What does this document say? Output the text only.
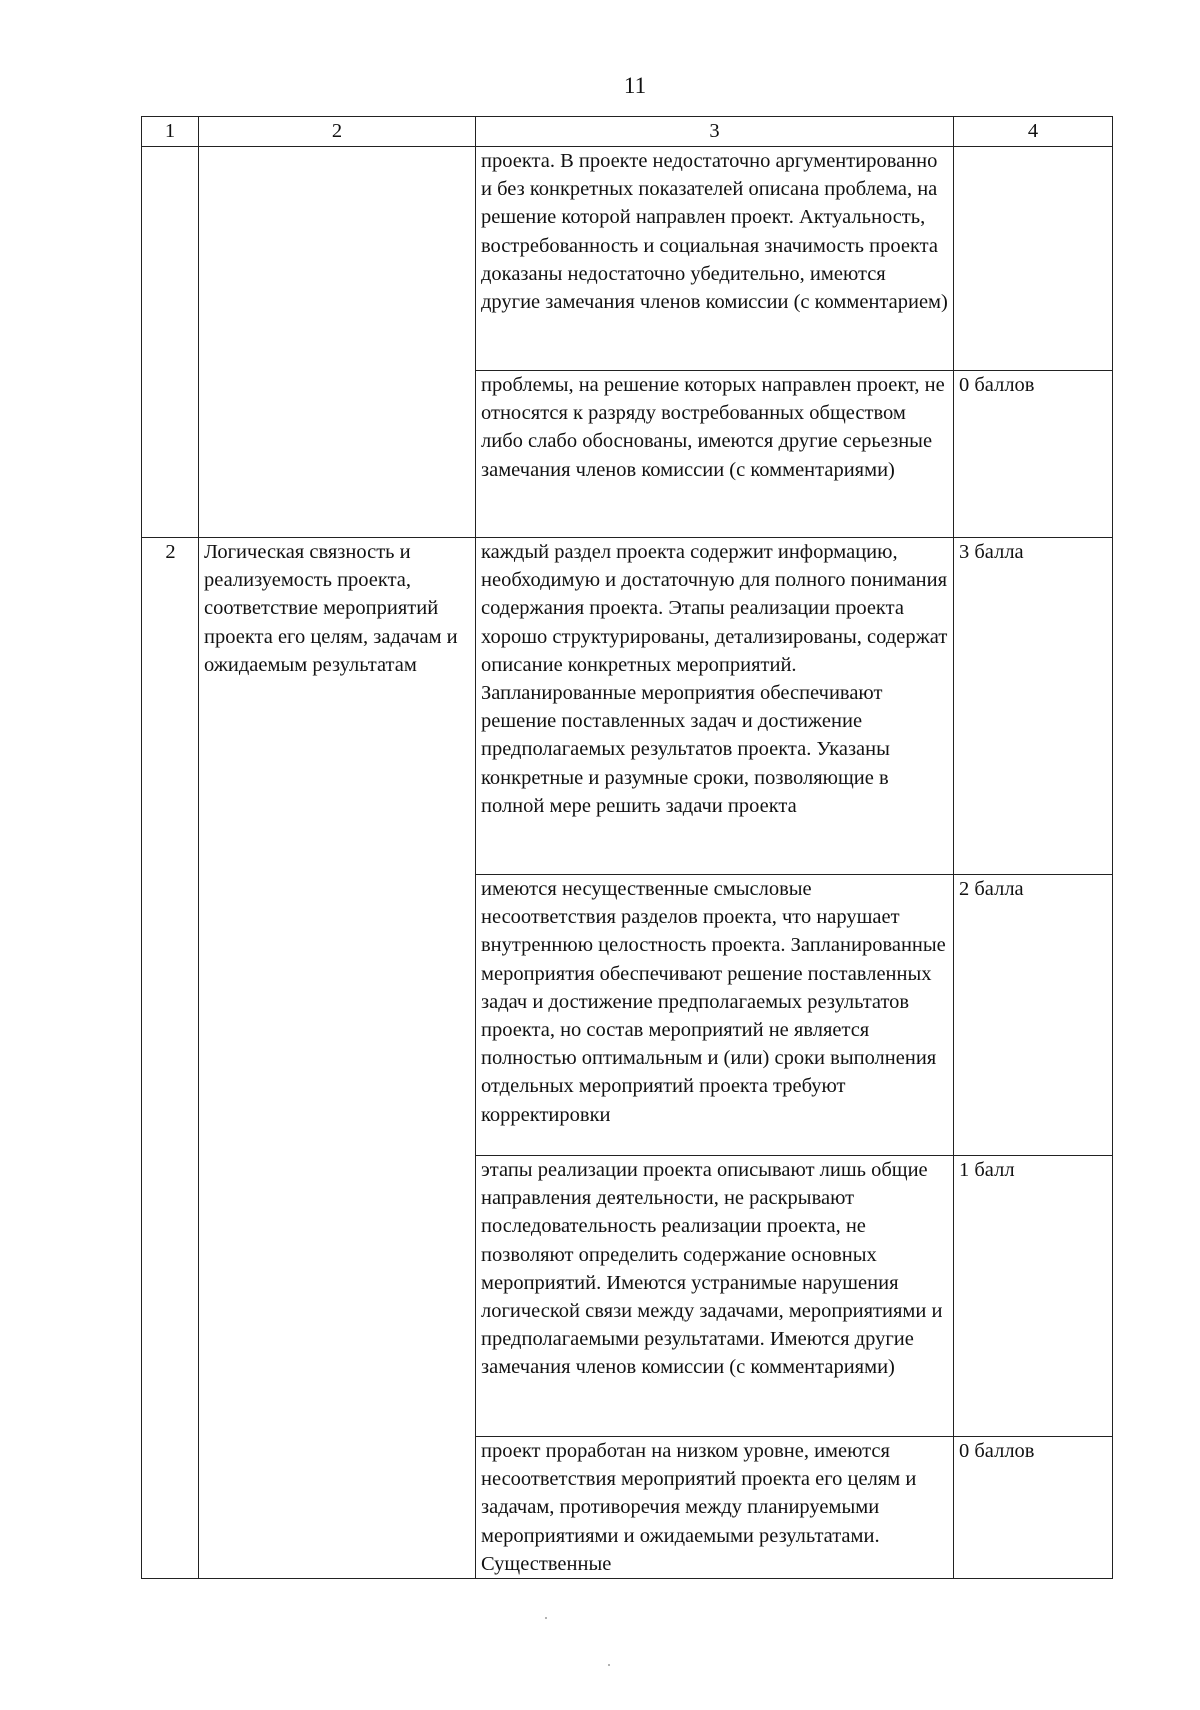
11
1	2	3	4
		проекта. В проекте недостаточно аргументированно и без конкретных показателей описана проблема, на решение которой направлен проект. Актуальность, востребованность и социальная значимость проекта доказаны недостаточно убедительно, имеются другие замечания членов комиссии (с комментарием)	
		проблемы, на решение которых направлен проект, не относятся к разряду востребованных обществом либо слабо обоснованы, имеются другие серьезные замечания членов комиссии (с комментариями)	0 баллов
2	Логическая связность и реализуемость проекта, соответствие мероприятий проекта его целям, задачам и ожидаемым результатам	каждый раздел проекта содержит информацию, необходимую и достаточную для полного понимания содержания проекта. Этапы реализации проекта хорошо структурированы, детализированы, содержат описание конкретных мероприятий. Запланированные мероприятия обеспечивают решение поставленных задач и достижение предполагаемых результатов проекта. Указаны конкретные и разумные сроки, позволяющие в полной мере решить задачи проекта	3 балла
		имеются несущественные смысловые несоответствия разделов проекта, что нарушает внутреннюю целостность проекта. Запланированные мероприятия обеспечивают решение поставленных задач и достижение предполагаемых результатов проекта, но состав мероприятий не является полностью оптимальным и (или) сроки выполнения отдельных мероприятий проекта требуют корректировки	2 балла
		этапы реализации проекта описывают лишь общие направления деятельности, не раскрывают последовательность реализации проекта, не позволяют определить содержание основных мероприятий. Имеются устранимые нарушения логической связи между задачами, мероприятиями и предполагаемыми результатами. Имеются другие замечания членов комиссии (с комментариями)	1 балл
		проект проработан на низком уровне, имеются несоответствия мероприятий проекта его целям и задачам, противоречия между планируемыми мероприятиями и ожидаемыми результатами. Существенные	0 баллов
